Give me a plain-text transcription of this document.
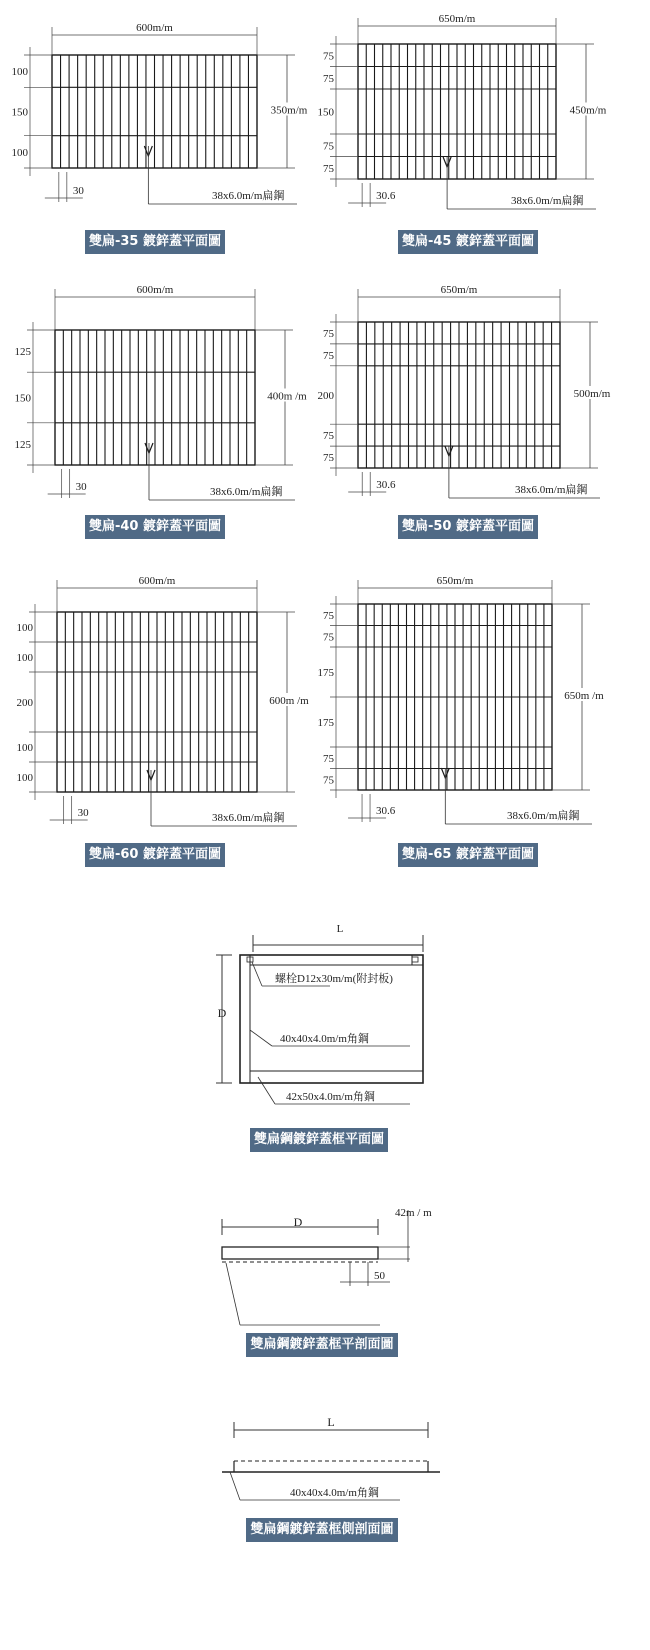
100
150
100
600m/m
350m/m
30	38x6.0m/m扁鋼
75
75
150
75
75
650m/m
450m/m
30.6	38x6.0m/m扁鋼
125
150
125
600m/m
400m /m
30	38x6.0m/m扁鋼
75
75
200
75
75
650m/m
500m/m
30.6	38x6.0m/m扁鋼
100
100
200
100
100
600m/m
600m /m
30	38x6.0m/m扁鋼
75
75
175
175
75
75
650m/m
650m /m
30.6	38x6.0m/m扁鋼
L
D
螺栓D12x30m/m(附封板)
40x40x4.0m/m角鋼
42x50x4.0m/m角鋼
D
42m / m
50
L
40x40x4.0m/m角鋼
雙扁-35 鍍鋅蓋平面圖	雙扁-45 鍍鋅蓋平面圖
雙扁-40 鍍鋅蓋平面圖	雙扁-50 鍍鋅蓋平面圖
雙扁-60 鍍鋅蓋平面圖	雙扁-65 鍍鋅蓋平面圖
雙扁鋼鍍鋅蓋框平面圖
雙扁鋼鍍鋅蓋框平剖面圖
雙扁鋼鍍鋅蓋框側剖面圖
